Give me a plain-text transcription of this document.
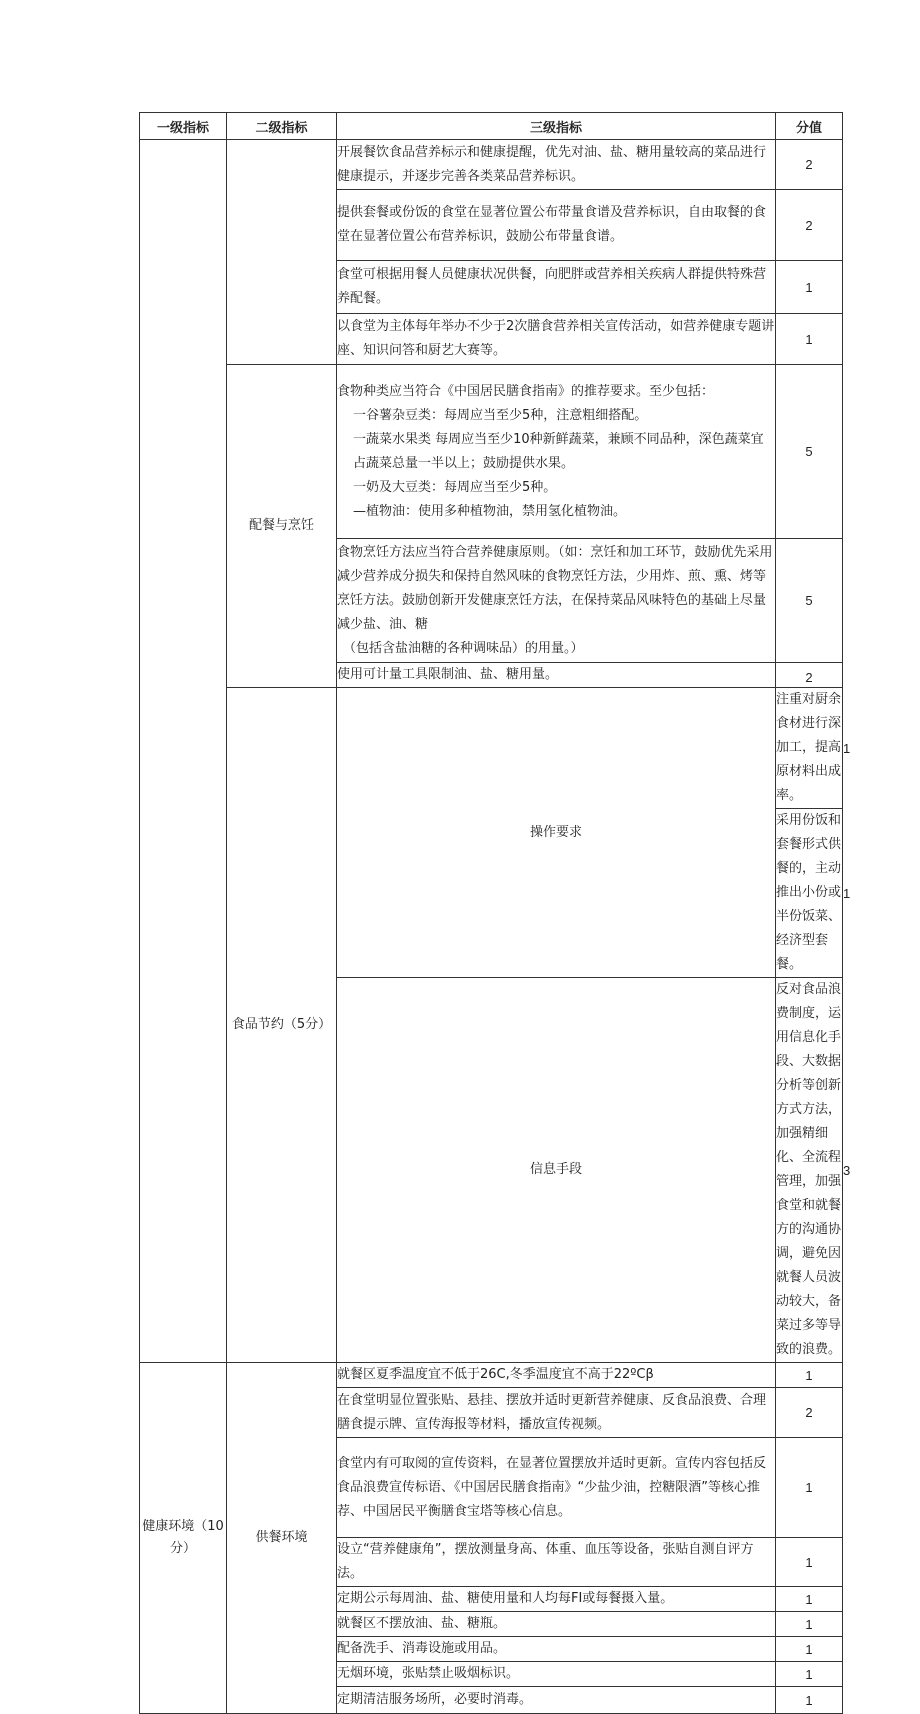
一级指标	二级指标	三级指标	分值	
		开展餐饮食品营养标示和健康提醒，优先对油、盐、糖用量较高的菜品进行健康提示，并逐步完善各类菜品营养标识。	2	
		提供套餐或份饭的食堂在显著位置公布带量食谱及营养标识，自由取餐的食堂在显著位置公布营养标识，鼓励公布带量食谱。	2	
		食堂可根据用餐人员健康状况供餐，向肥胖或营养相关疾病人群提供特殊营养配餐。	1	
		以食堂为主体每年举办不少于2次膳食营养相关宣传活动，如营养健康专题讲座、知识问答和厨艺大赛等。	1	
	配餐与烹饪	食物种类应当符合《中国居民膳食指南》的推荐要求。至少包括：
一谷薯杂豆类：每周应当至少5种，注意粗细搭配。
一蔬菜水果类 每周应当至少10种新鲜蔬菜，兼顾不同品种，深色蔬菜宜占蔬菜总量一半以上；鼓励提供水果。
一奶及大豆类：每周应当至少5种。
—植物油：使用多种植物油，禁用氢化植物油。	5	
		食物烹饪方法应当符合营养健康原则。（如：烹饪和加工环节，鼓励优先采用减少营养成分损失和保持自然风味的食物烹饪方法，少用炸、煎、熏、烤等烹饪方法。鼓励创新开发健康烹饪方法，在保持菜品风味特色的基础上尽量减少盐、油、糖
（包括含盐油糖的各种调味品）的用量。）	5	
		使用可计量工具限制油、盐、糖用量。	2	
	食品节约（5分）	操作要求	注重对厨余食材进行深加工，提高原材料出成率。	1
			采用份饭和套餐形式供餐的，主动推出小份或半份饭菜、经济型套餐。	1
		信息手段	反对食品浪费制度，运用信息化手段、大数据分析等创新方式方法，加强精细化、全流程管理，加强食堂和就餐方的沟通协调，避免因就餐人员波动较大，备菜过多等导致的浪费。	3
健康环境（10分）	供餐环境	就餐区夏季温度宜不低于26C,冬季温度宜不高于22ºCβ	1	
		在食堂明显位置张贴、悬挂、摆放并适时更新营养健康、反食品浪费、合理膳食提示牌、宣传海报等材料，播放宣传视频。	2	
		食堂内有可取阅的宣传资料，在显著位置摆放并适时更新。宣传内容包括反食品浪费宣传标语、《中国居民膳食指南》“少盐少油，控糖限酒”等核心推荐、中国居民平衡膳食宝塔等核心信息。	1	
		设立“营养健康角”，摆放测量身高、体重、血压等设备，张贴自测自评方法。	1	
		定期公示每周油、盐、糖使用量和人均每FI或每餐摄入量。	1	
		就餐区不摆放油、盐、糖瓶。	1	
		配备洗手、消毒设施或用品。	1	
		无烟环境，张贴禁止吸烟标识。	1	
		定期清洁服务场所，必要时消毒。	1	
